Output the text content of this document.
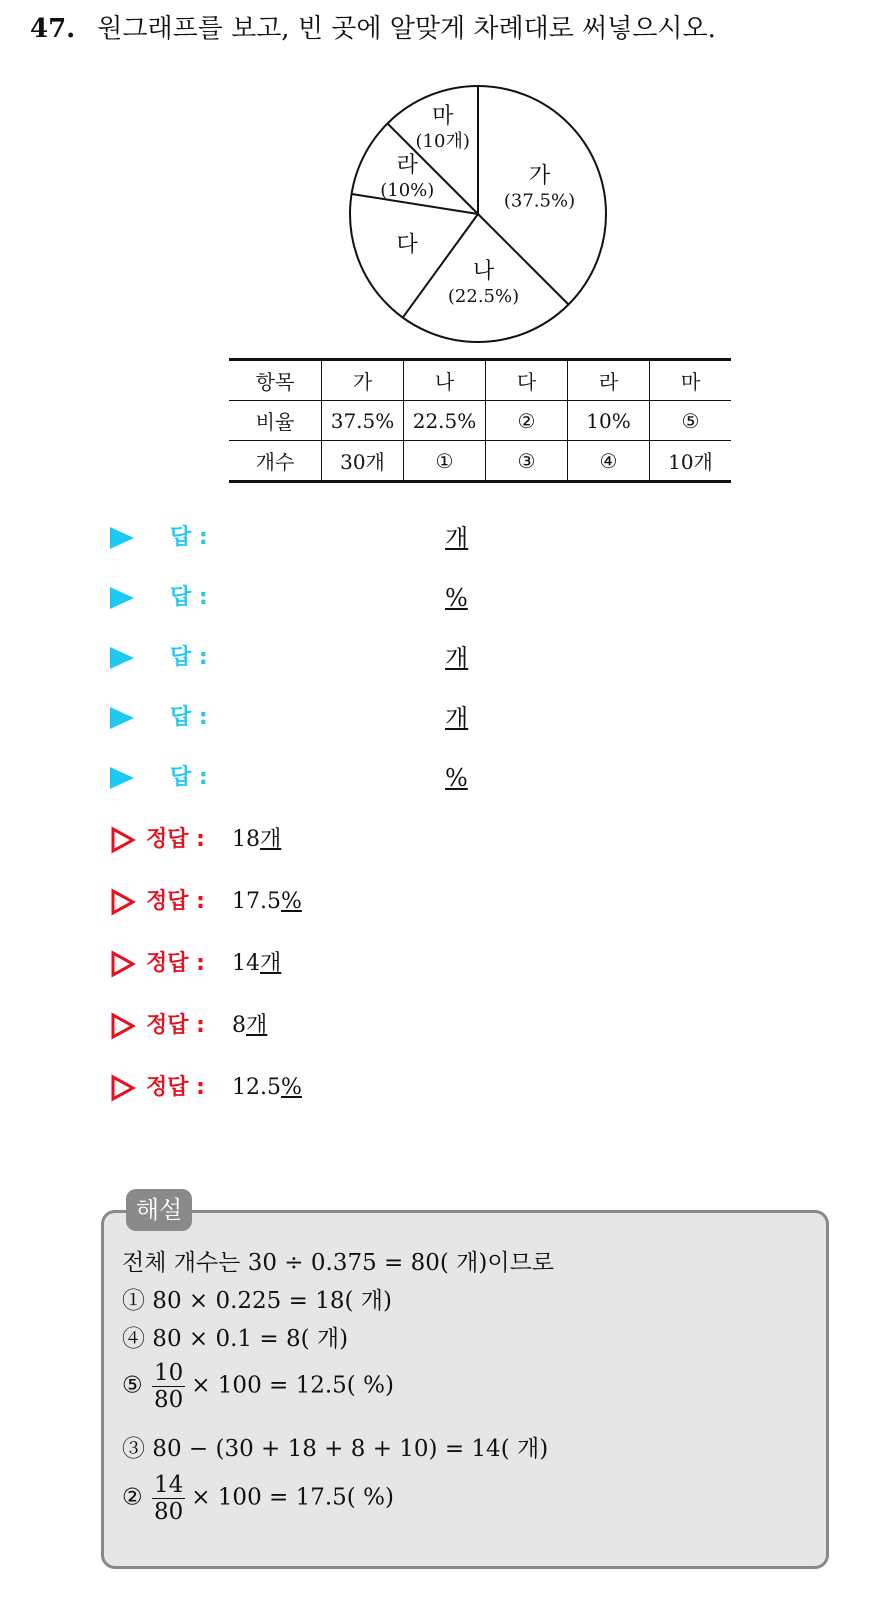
47. 원그래프를 보고, 빈 곳에 알맞게 차례대로 써넣으시오.
가
(37.5%)
나
(22.5%)
다
라
(10%)
마
(10개)
항목	가	나	다	라	마
비율	37.5%	22.5%	②	10%	⑤
개수	30개	①	③	④	10개
답 :	개
답 :	%
답 :	개
답 :	개
답 :	%
정답 : 18개
정답 : 17.5%
정답 : 14개
정답 : 8개
정답 : 12.5%
해설
전체 개수는 30 ÷ 0.375 = 80( 개)이므로
① 80 × 0.225 = 18( 개)
④ 80 × 0.1 = 8( 개)
⑤ $\frac{10}{80} \times 100 = 12.5$( %)
③ 80 − (30 + 18 + 8 + 10) = 14( 개)
② $\frac{14}{80} \times 100 = 17.5$( %)
